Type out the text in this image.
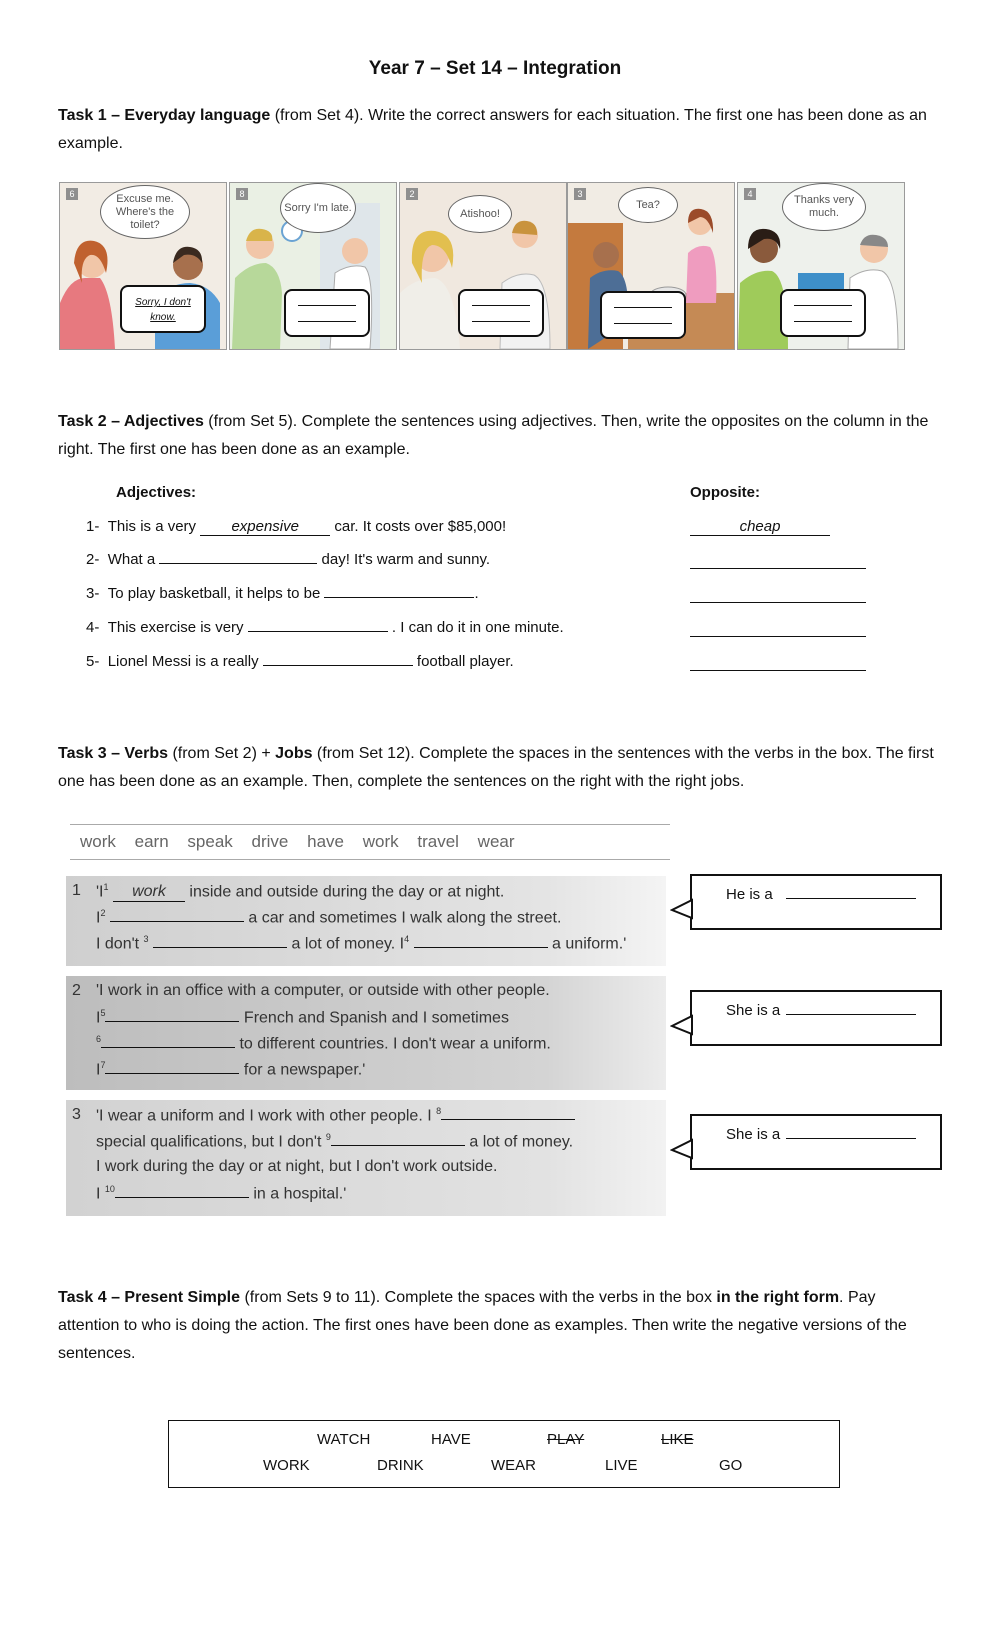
Year 7 – Set 14 – Integration
Task 1 – Everyday language (from Set 4). Write the correct answers for each situation. The first one has been done as an example.
6	Excuse me. Where's the toilet?
Sorry, I don't know.
8
Sorry I'm late.
2
Atishoo!
3
Tea?
4	Thanks very much.
Task 2 – Adjectives (from Set 5). Complete the sentences using adjectives. Then, write the opposites on the column in the right. The first one has been done as an example.
Adjectives:	Opposite:
1- This is a very expensive car. It costs over $85,000!	cheap
2- What a	day! It's warm and sunny.

3- To play basketball, it helps to be	.

4- This exercise is very	. I can do it in one minute.

5- Lionel Messi is a really	football player.

Task 3 – Verbs (from Set 2) + Jobs (from Set 12). Complete the spaces in the sentences with the verbs in the box. The first one has been done as an example. Then, complete the sentences on the right with the right jobs.
work earn speak drive have work travel wear
1 '$I^1$ work inside and outside during the day or at night.
$I^2$	a car and sometimes I walk along the street.
I don't $^3$	a lot of money. $I^4$	a uniform.'
He is a
2 'I work in an office with a computer, or outside with other people.
$I^5$	French and Spanish and I sometimes
$^6$	to different countries. I don't wear a uniform.
$I^7$	for a newspaper.'
She is a
3 'I wear a uniform and I work with other people. I $^8$
special qualifications, but I don't $^9$	a lot of money.
I work during the day or at night, but I don't work outside.
I $^{10}$	in a hospital.'
She is a
Task 4 – Present Simple (from Sets 9 to 11). Complete the spaces with the verbs in the box in the right form. Pay attention to who is doing the action. The first ones have been done as examples. Then write the negative versions of the sentences.
WATCH	HAVE	PLAY	LIKE
WORK	DRINK	WEAR	LIVE	GO
